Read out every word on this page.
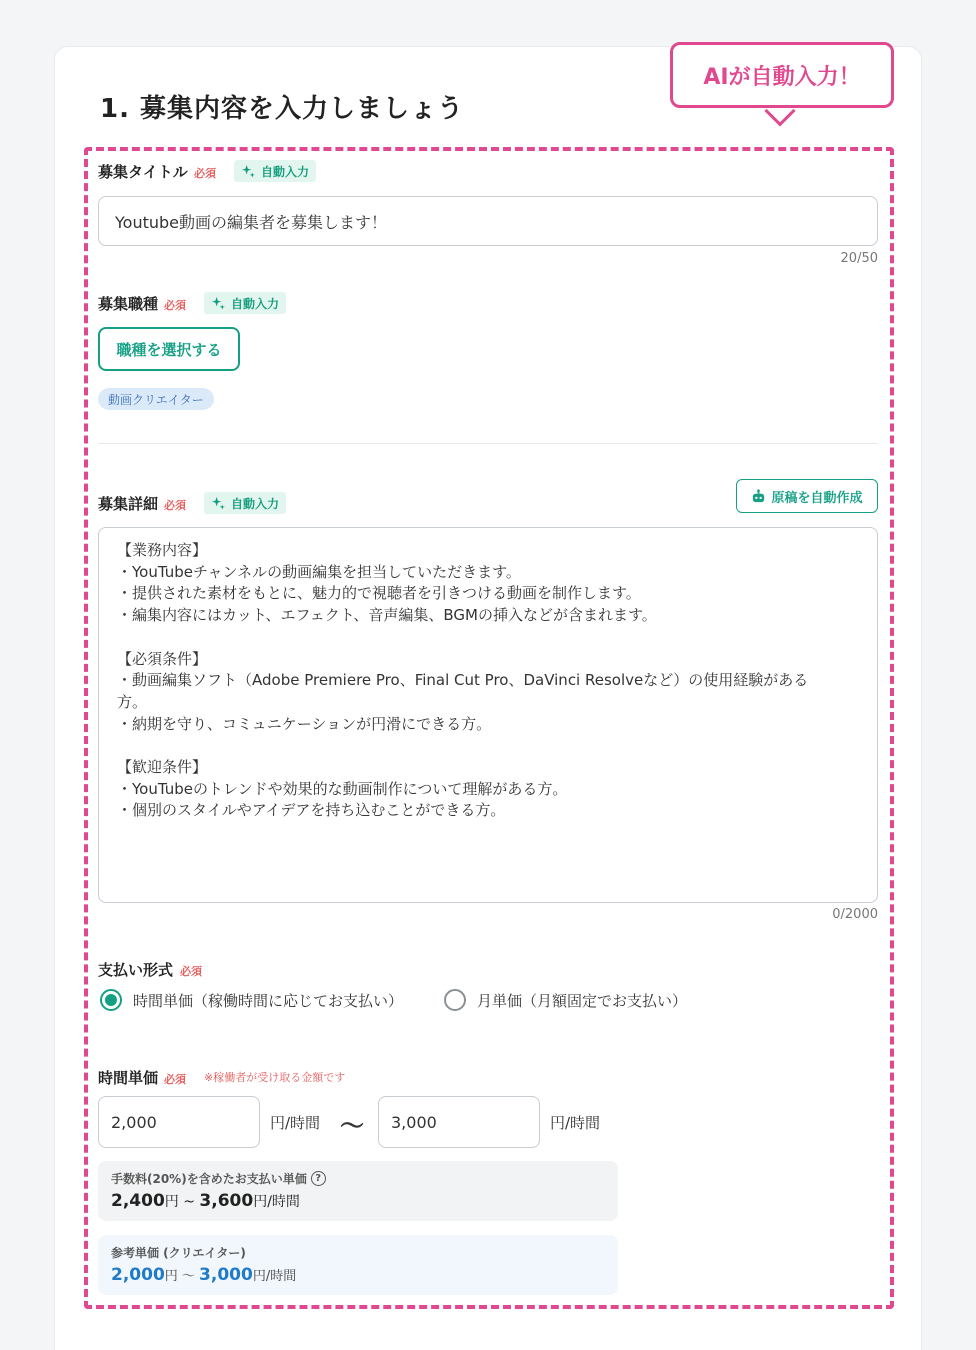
1. 募集内容を入力しましょう
AIが自動入力！
募集タイトル 必須	自動入力
Youtube動画の編集者を募集します！
20/50
募集職種 必須	自動入力
職種を選択する
動画クリエイター
募集詳細 必須	自動入力	原稿を自動作成
【業務内容】
・YouTubeチャンネルの動画編集を担当していただきます。
・提供された素材をもとに、魅力的で視聴者を引きつける動画を制作します。
・編集内容にはカット、エフェクト、音声編集、BGMの挿入などが含まれます。
【必須条件】
・動画編集ソフト（Adobe Premiere Pro、Final Cut Pro、DaVinci Resolveなど）の使用経験がある
方。
・納期を守り、コミュニケーションが円滑にできる方。
【歓迎条件】
・YouTubeのトレンドや効果的な動画制作について理解がある方。
・個別のスタイルやアイデアを持ち込むことができる方。
0/2000
支払い形式 必須
時間単価（稼働時間に応じてお支払い）	月単価（月額固定でお支払い）
時間単価 必須 ※稼働者が受け取る金額です
2,000	円/時間 〜 3,000	円/時間
手数料(20%)を含めたお支払い単価 ?
2,400円 ~ 3,600円/時間
参考単価 (クリエイター)
2,000円 〜 3,000円/時間
